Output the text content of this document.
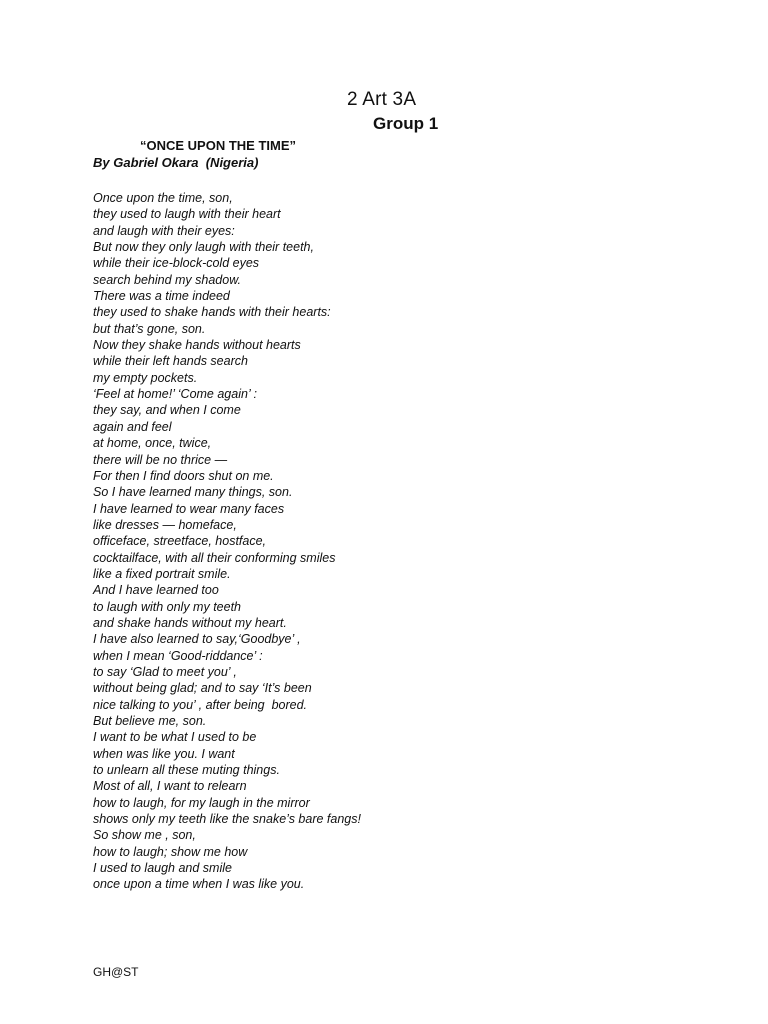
2 Art 3A
Group 1
“ONCE UPON THE TIME”
By Gabriel Okara  (Nigeria)
Once upon the time, son,
they used to laugh with their heart
and laugh with their eyes:
But now they only laugh with their teeth,
while their ice-block-cold eyes
search behind my shadow.
There was a time indeed
they used to shake hands with their hearts:
but that’s gone, son.
Now they shake hands without hearts
while their left hands search
my empty pockets.
‘Feel at home!’ ‘Come again’ :
they say, and when I come
again and feel
at home, once, twice,
there will be no thrice —
For then I find doors shut on me.
So I have learned many things, son.
I have learned to wear many faces
like dresses — homeface,
officeface, streetface, hostface,
cocktailface, with all their conforming smiles
like a fixed portrait smile.
And I have learned too
to laugh with only my teeth
and shake hands without my heart.
I have also learned to say,‘Goodbye’ ,
when I mean ‘Good-riddance’ :
to say ‘Glad to meet you’ ,
without being glad; and to say ‘It’s been
nice talking to you’ , after being  bored.
But believe me, son.
I want to be what I used to be
when was like you. I want
to unlearn all these muting things.
Most of all, I want to relearn
how to laugh, for my laugh in the mirror
shows only my teeth like the snake’s bare fangs!
So show me , son,
how to laugh; show me how
I used to laugh and smile
once upon a time when I was like you.
GH@ST
